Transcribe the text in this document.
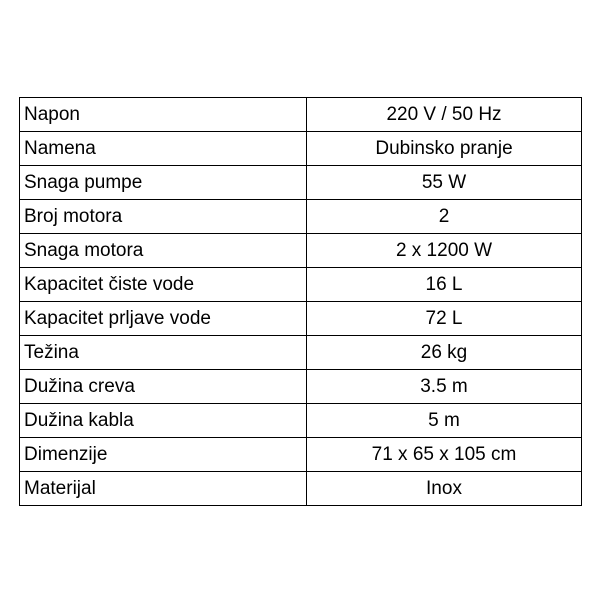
Napon	220 V / 50 Hz
Namena	Dubinsko pranje
Snaga pumpe	55 W
Broj motora	2
Snaga motora	2 x 1200 W
Kapacitet čiste vode	16 L
Kapacitet prljave vode	72 L
Težina	26 kg
Dužina creva	3.5 m
Dužina kabla	5 m
Dimenzije	71 x 65 x 105 cm
Materijal	Inox
